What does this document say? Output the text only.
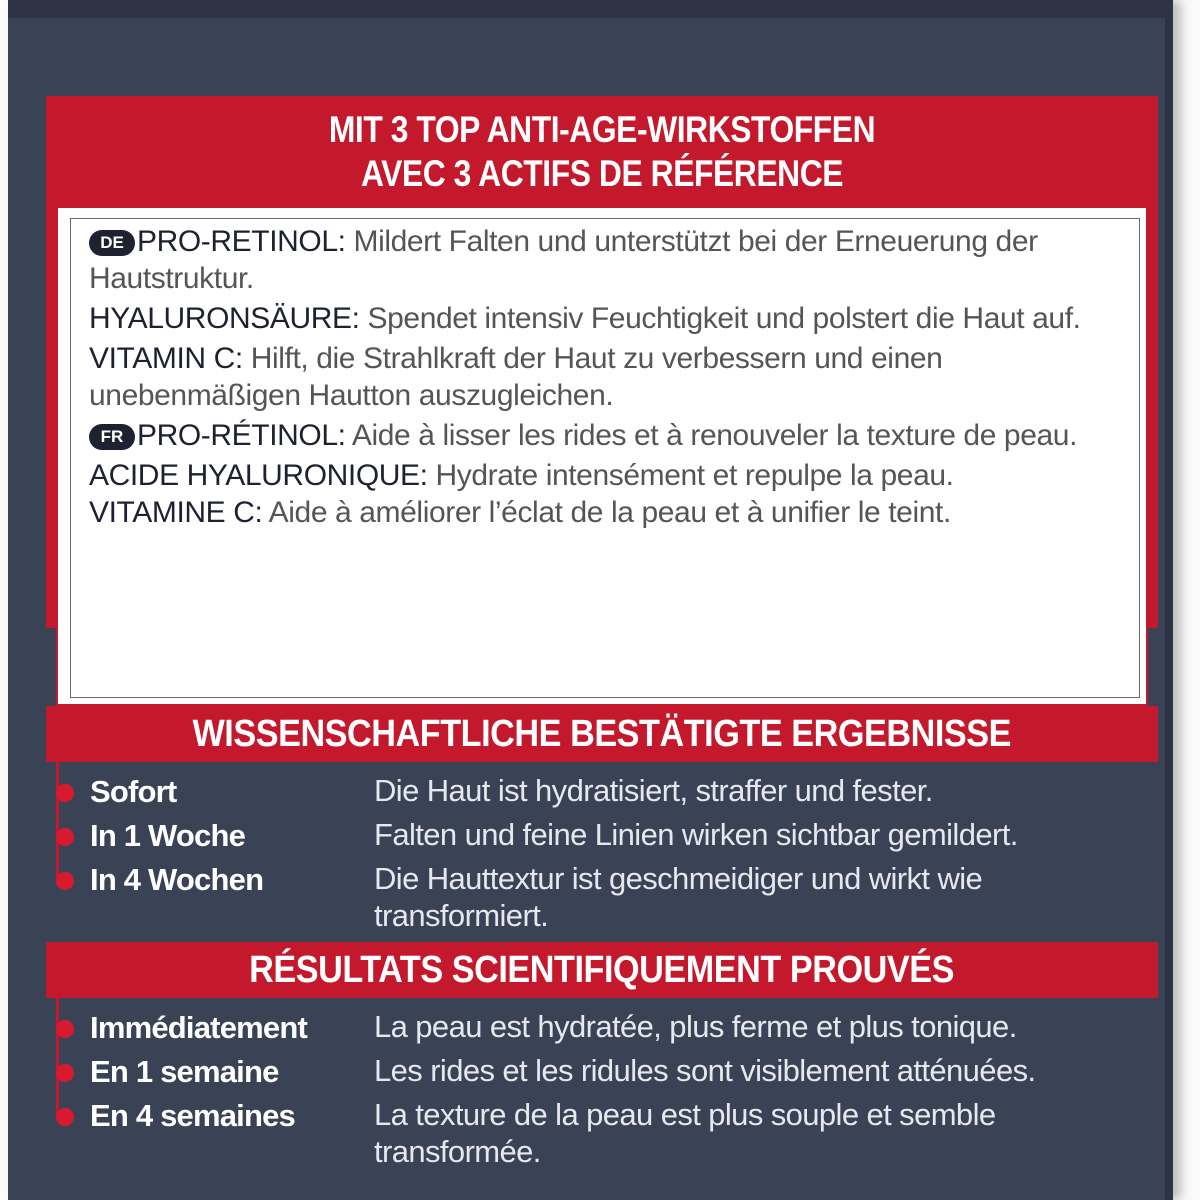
MIT 3 TOP ANTI-AGE-WIRKSTOFFEN
AVEC 3 ACTIFS DE RÉFÉRENCE

DE PRO-RETINOL: Mildert Falten und unterstützt bei der Erneuerung der Hautstruktur.

HYALURONSÄURE: Spendet intensiv Feuchtigkeit und polstert die Haut auf.

VITAMIN C: Hilft, die Strahlkraft der Haut zu verbessern und einen unebenmäßigen Hautton auszugleichen.

FR PRO-RÉTINOL: Aide à lisser les rides et à renouveler la texture de peau.

ACIDE HYALURONIQUE: Hydrate intensément et repulpe la peau.

VITAMINE C: Aide à améliorer l’éclat de la peau et à unifier le teint.

WISSENSCHAFTLICHE BESTÄTIGTE ERGEBNISSE
Sofort	Die Haut ist hydratisiert, straffer und fester.
In 1 Woche	Falten und feine Linien wirken sichtbar gemildert.
In 4 Wochen	Die Hauttextur ist geschmeidiger und wirkt wie transformiert.
RÉSULTATS SCIENTIFIQUEMENT PROUVÉS
Immédiatement La peau est hydratée, plus ferme et plus tonique.
En 1 semaine	Les rides et les ridules sont visiblement atténuées.
En 4 semaines	La texture de la peau est plus souple et semble transformée.
